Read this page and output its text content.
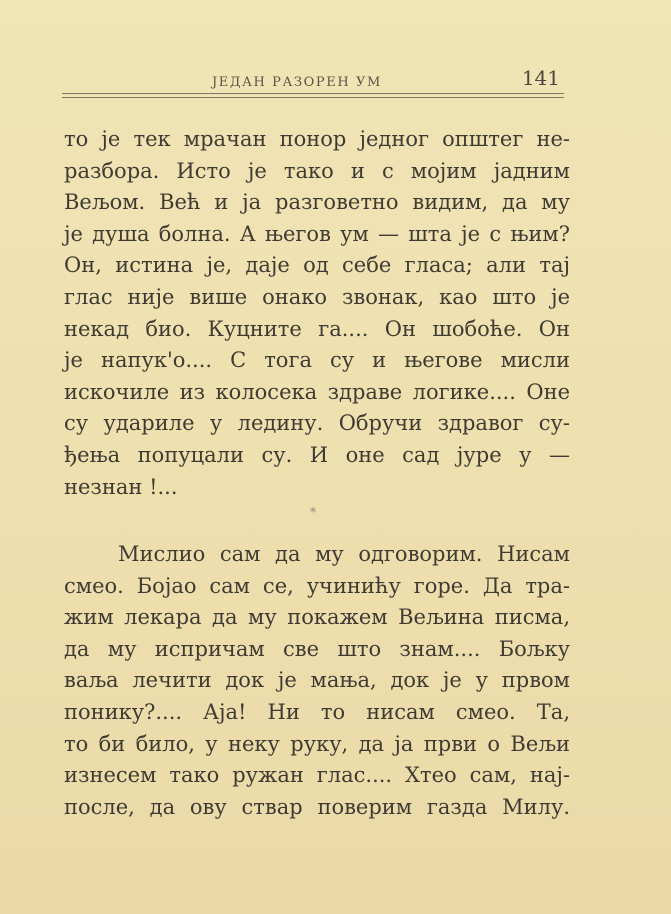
ЈЕДАН РАЗОРЕН УМ	141
то је тек мрачан понор једног општег не-
разбора. Исто је тако и с мојим јадним
Вељом. Већ и ја разговетно видим, да му
је душа болна. А његов ум — шта је с њим?
Он, истина је, даје од себе гласа; али тај
глас није више онако звонак, као што је
некад био. Куцните га.... Он шобоће. Он
је напук'о.... С тога су и његове мисли
искочиле из колосека здраве логике.... Оне
су удариле у ледину. Обручи здравог су-
ђења попуцали су. И оне сад јуре у —
незнан !...
*
Мислио сам да му одговорим. Нисам
смео. Бојао сам се, учинићу горе. Да тра-
жим лекара да му покажем Вељина писма,
да му испричам све што знам.... Бољку
ваља лечити док је мања, док је у првом
понику?.... Аја! Ни то нисам смео. Та,
то би било, у неку руку, да ја први о Вељи
изнесем тако ружан глас.... Хтео сам, нај-
после, да ову ствар поверим газда Милу.
